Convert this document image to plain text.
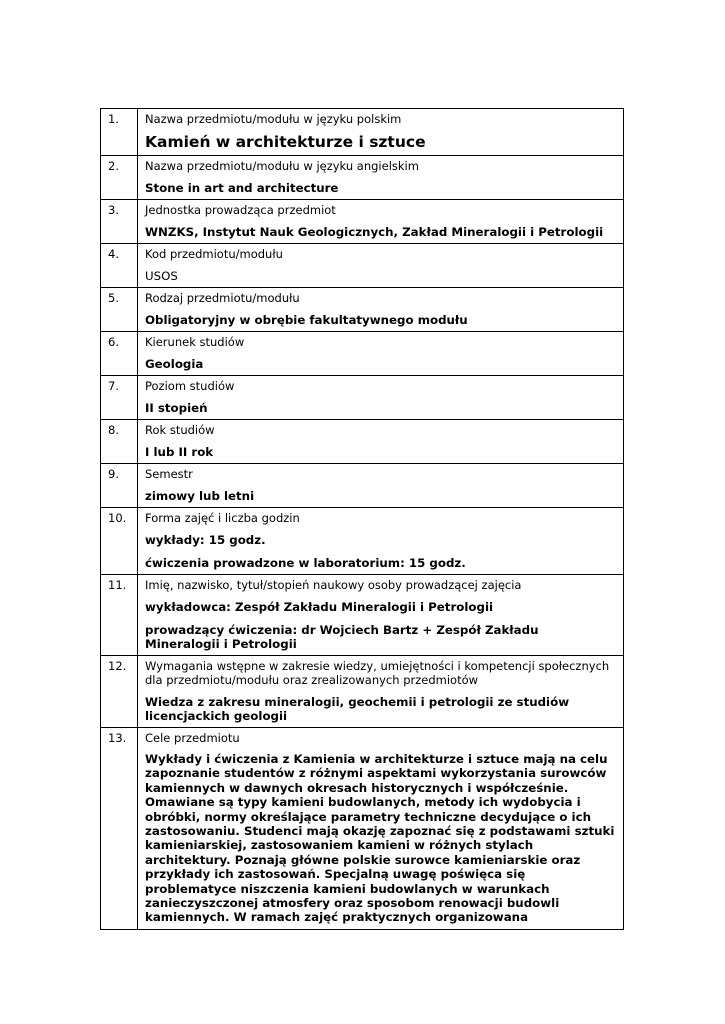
1.	Nazwa przedmiotu/modułu w języku polskim
Kamień w architekturze i sztuce

2.	Nazwa przedmiotu/modułu w języku angielskim
Stone in art and architecture

3.	Jednostka prowadząca przedmiot
WNZKS, Instytut Nauk Geologicznych, Zakład Mineralogii i Petrologii

4.	Kod przedmiotu/modułu
USOS

5.	Rodzaj przedmiotu/modułu
Obligatoryjny w obrębie fakultatywnego modułu

6.	Kierunek studiów
Geologia

7.	Poziom studiów
II stopień

8.	Rok studiów
I lub II rok

9.	Semestr
zimowy lub letni

10.	Forma zajęć i liczba godzin
wykłady: 15 godz.
ćwiczenia prowadzone w laboratorium: 15 godz.

11.	Imię, nazwisko, tytuł/stopień naukowy osoby prowadzącej zajęcia
wykładowca: Zespół Zakładu Mineralogii i Petrologii
prowadzący ćwiczenia: dr Wojciech Bartz + Zespół Zakładu Mineralogii i Petrologii

12.	Wymagania wstępne w zakresie wiedzy, umiejętności i kompetencji społecznych dla przedmiotu/modułu oraz zrealizowanych przedmiotów
Wiedza z zakresu mineralogii, geochemii i petrologii ze studiów licencjackich geologii

13.	Cele przedmiotu
Wykłady i ćwiczenia z Kamienia w architekturze i sztuce mają na celu zapoznanie studentów z różnymi aspektami wykorzystania surowców kamiennych w dawnych okresach historycznych i współcześnie. Omawiane są typy kamieni budowlanych, metody ich wydobycia i obróbki, normy określające parametry techniczne decydujące o ich zastosowaniu. Studenci mają okazję zapoznać się z podstawami sztuki kamieniarskiej, zastosowaniem kamieni w różnych stylach architektury. Poznają główne polskie surowce kamieniarskie oraz przykłady ich zastosowań. Specjalną uwagę poświęca się problematyce niszczenia kamieni budowlanych w warunkach zanieczyszczonej atmosfery oraz sposobom renowacji budowli kamiennych. W ramach zajęć praktycznych organizowana
